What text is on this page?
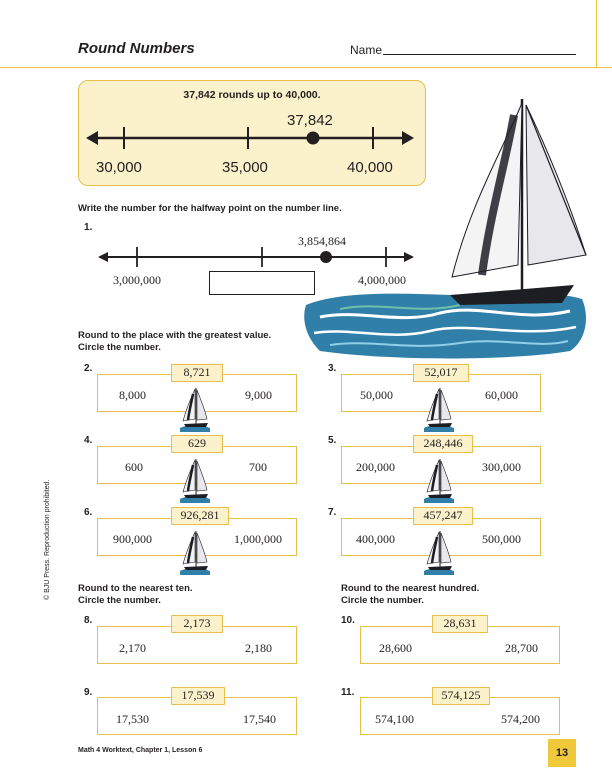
Round Numbers	Name
37,842 rounds up to 40,000.
30,000	35,000	40,000
37,842
Write the number for the halfway point on the number line.
1.
3,000,000	4,000,000
3,854,864
Round to the place with the greatest value.
Circle the number.
2.	8,721
8,000	9,000
3.	52,017
50,000	60,000
4.	629
600	700
5.	248,446
200,000	300,000
6.	926,281
900,000	1,000,000
7.	457,247
400,000	500,000
Round to the nearest ten.
Circle the number.
8.	2,173
2,170	2,180
9.	17,539
17,530	17,540
Round to the nearest hundred.
Circle the number.
10.	28,631
28,600	28,700
11.	574,125
574,100	574,200
© BJU Press. Reproduction prohibited.
Math 4 Worktext, Chapter 1, Lesson 6	13
